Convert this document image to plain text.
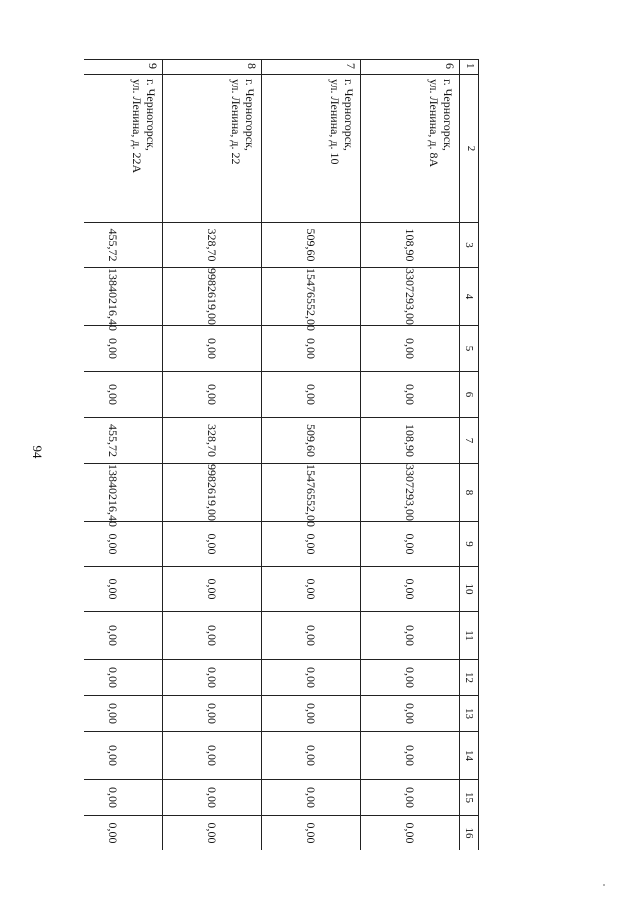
94
1	2	3	4	5	6	7	8	9	10	11	12	13	14	15	16
6	г. Черногорск,
ул. Ленина, д. 8А	108,90	3307293,00	0,00	0,00	108,90	3307293,00	0,00	0,00	0,00	0,00	0,00	0,00	0,00	0,00
7	г. Черногорск,
ул. Ленина, д. 10	509,60	15476552,00	0,00	0,00	509,60	15476552,00	0,00	0,00	0,00	0,00	0,00	0,00	0,00	0,00
8	г. Черногорск,
ул. Ленина, д. 22	328,70	9982619,00	0,00	0,00	328,70	9982619,00	0,00	0,00	0,00	0,00	0,00	0,00	0,00	0,00
9	г. Черногорск,
ул. Ленина, д. 22А	455,72	13840216,40	0,00	0,00	455,72	13840216,40	0,00	0,00	0,00	0,00	0,00	0,00	0,00	0,00
